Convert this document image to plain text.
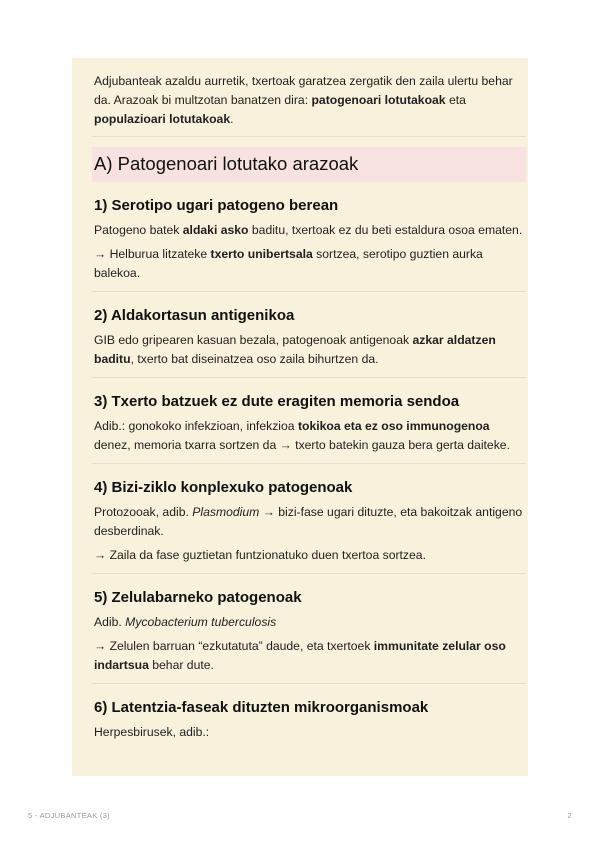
Adjubanteak azaldu aurretik, txertoak garatzea zergatik den zaila ulertu behar da. Arazoak bi multzotan banatzen dira: patogenoari lotutakoak eta populazioari lotutakoak.

A) Patogenoari lotutako arazoak
1) Serotipo ugari patogeno berean

Patogeno batek aldaki asko baditu, txertoak ez du beti estaldura osoa ematen.

→ Helburua litzateke txerto unibertsala sortzea, serotipo guztien aurka balekoa.

2) Aldakortasun antigenikoa

GIB edo gripearen kasuan bezala, patogenoak antigenoak azkar aldatzen baditu, txerto bat diseinatzea oso zaila bihurtzen da.

3) Txerto batzuek ez dute eragiten memoria sendoa

Adib.: gonokoko infekzioan, infekzioa tokikoa eta ez oso immunogenoa denez, memoria txarra sortzen da → txerto batekin gauza bera gerta daiteke.

4) Bizi-ziklo konplexuko patogenoak

Protozooak, adib. Plasmodium → bizi-fase ugari dituzte, eta bakoitzak antigeno desberdinak.

→ Zaila da fase guztietan funtzionatuko duen txertoa sortzea.

5) Zelulabarneko patogenoak

Adib. Mycobacterium tuberculosis

→ Zelulen barruan “ezkutatuta” daude, eta txertoek immunitate zelular oso indartsua behar dute.

6) Latentzia-faseak dituzten mikroorganismoak

Herpesbirusek, adib.:

5 - ADJUBANTEAK (3)	2
